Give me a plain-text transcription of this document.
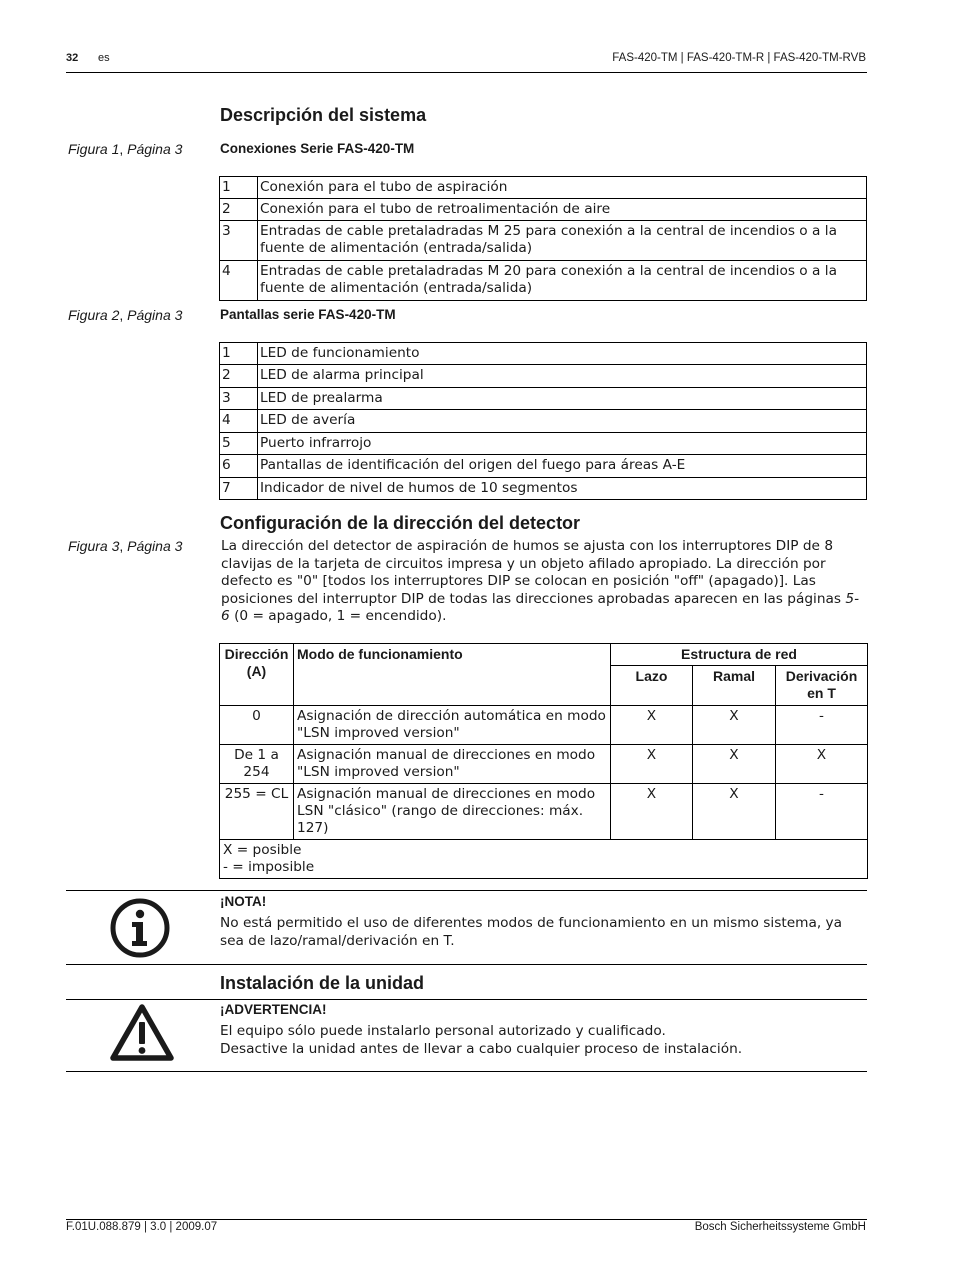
32 es	FAS-420-TM | FAS-420-TM-R | FAS-420-TM-RVB
Descripción del sistema
Figura 1, Página 3	Conexiones Serie FAS-420-TM
1	Conexión para el tubo de aspiración
2	Conexión para el tubo de retroalimentación de aire
3	Entradas de cable pretaladradas M 25 para conexión a la central de incendios o a la fuente de alimentación (entrada/salida)
4	Entradas de cable pretaladradas M 20 para conexión a la central de incendios o a la fuente de alimentación (entrada/salida)
Figura 2, Página 3	Pantallas serie FAS-420-TM
1	LED de funcionamiento
2	LED de alarma principal
3	LED de prealarma
4	LED de avería
5	Puerto infrarrojo
6	Pantallas de identificación del origen del fuego para áreas A-E
7	Indicador de nivel de humos de 10 segmentos
Configuración de la dirección del detector
Figura 3, Página 3	La dirección del detector de aspiración de humos se ajusta con los interruptores DIP de 8 clavijas de la tarjeta de circuitos impresa y un objeto afilado apropiado. La dirección por defecto es "0" [todos los interruptores DIP se colocan en posición "off" (apagado)]. Las posiciones del interruptor DIP de todas las direcciones aprobadas aparecen en las páginas 5-6 (0 = apagado, 1 = encendido).
Dirección (A)	Modo de funcionamiento	Estructura de red		
		Lazo	Ramal	Derivación en T
0	Asignación de dirección automática en modo "LSN improved version"	X	X	-
De 1 a 254	Asignación manual de direcciones en modo "LSN improved version"	X	X	X
255 = CL	Asignación manual de direcciones en modo LSN "clásico" (rango de direcciones: máx. 127)	X	X	-

X = posible
- = imposible				
¡NOTA!
No está permitido el uso de diferentes modos de funcionamiento en un mismo sistema, ya sea de lazo/ramal/derivación en T.
Instalación de la unidad
¡ADVERTENCIA!
El equipo sólo puede instalarlo personal autorizado y cualificado.
Desactive la unidad antes de llevar a cabo cualquier proceso de instalación.
F.01U.088.879 | 3.0 | 2009.07	Bosch Sicherheitssysteme GmbH
